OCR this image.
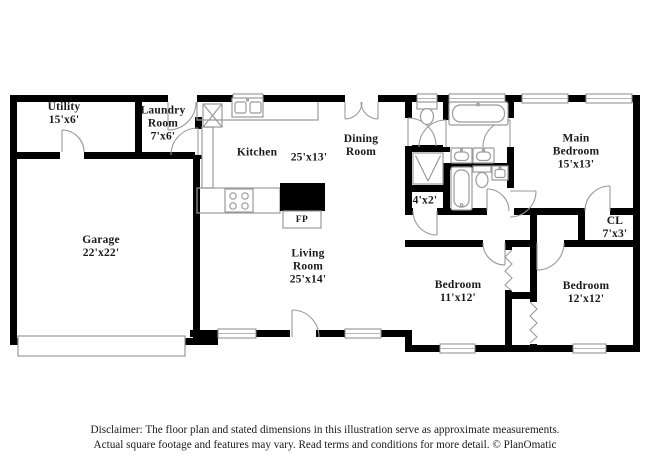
Utility
15'x6'
Laundry Room
7'x6'
Kitchen 25'x13'
Dining Room
Main Bedroom
15'x13'
4'x2'
CL
7'x3'
Garage
22'x22'	Living Room
25'x14'	Bedroom
11'x12'
Bedroom
12'x12'
FP
Disclaimer: The floor plan and stated dimensions in this illustration serve as approximate measurements.
Actual square footage and features may vary. Read terms and conditions for more detail. © PlanOmatic
